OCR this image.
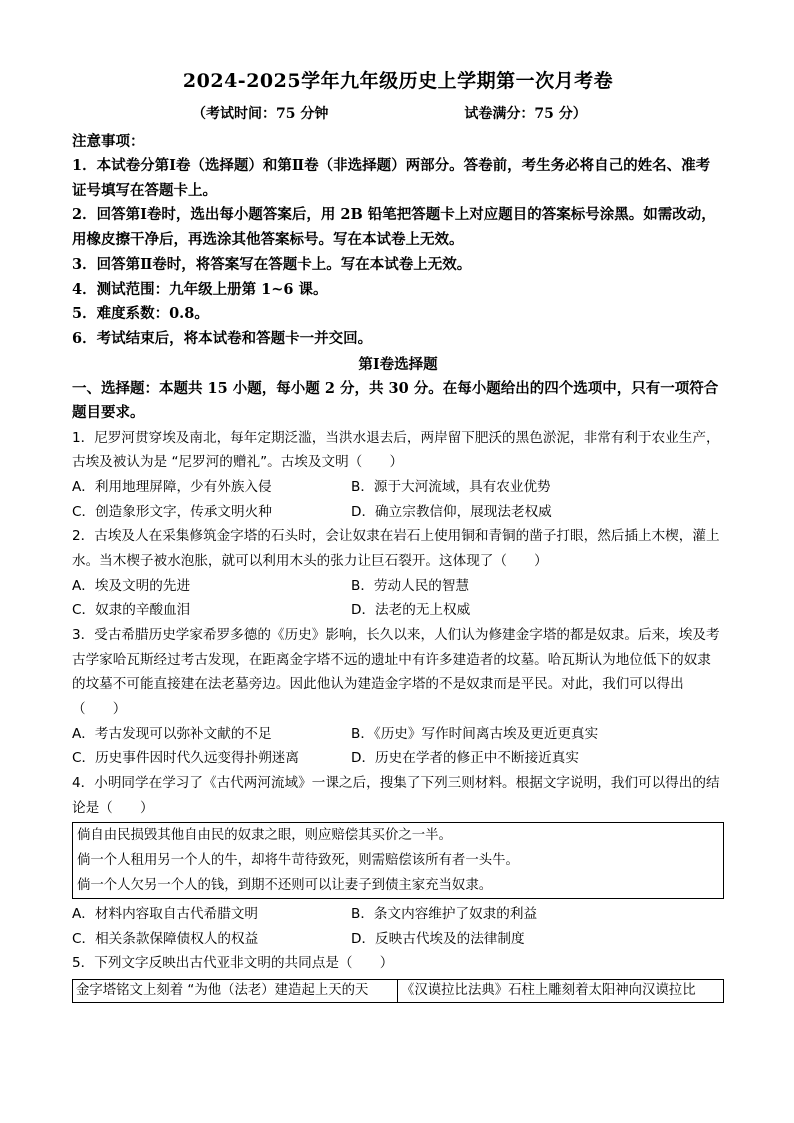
2024-2025学年九年级历史上学期第一次月考卷
（考试时间：75 分钟	试卷满分：75 分）
注意事项：
1．本试卷分第Ⅰ卷（选择题）和第Ⅱ卷（非选择题）两部分。答卷前，考生务必将自己的姓名、准考证号填写在答题卡上。
2．回答第Ⅰ卷时，选出每小题答案后，用 2B 铅笔把答题卡上对应题目的答案标号涂黑。如需改动，用橡皮擦干净后，再选涂其他答案标号。写在本试卷上无效。
3．回答第Ⅱ卷时，将答案写在答题卡上。写在本试卷上无效。
4．测试范围：九年级上册第 1~6 课。
5．难度系数：0.8。
6．考试结束后，将本试卷和答题卡一并交回。
第Ⅰ卷选择题
一、选择题：本题共 15 小题，每小题 2 分，共 30 分。在每小题给出的四个选项中，只有一项符合题目要求。
1．尼罗河贯穿埃及南北，每年定期泛滥，当洪水退去后，两岸留下肥沃的黑色淤泥，非常有利于农业生产，古埃及被认为是 “尼罗河的赠礼”。古埃及文明（　　）
A．利用地理屏障，少有外族入侵	B．源于大河流域，具有农业优势
C．创造象形文字，传承文明火种	D．确立宗教信仰，展现法老权威
2．古埃及人在采集修筑金字塔的石头时，会让奴隶在岩石上使用铜和青铜的凿子打眼，然后插上木楔，灌上水。当木楔子被水泡胀，就可以利用木头的张力让巨石裂开。这体现了（　　）
A．埃及文明的先进	B．劳动人民的智慧
C．奴隶的辛酸血泪	D．法老的无上权威
3．受古希腊历史学家希罗多德的《历史》影响，长久以来，人们认为修建金字塔的都是奴隶。后来，埃及考古学家哈瓦斯经过考古发现，在距离金字塔不远的遗址中有许多建造者的坟墓。哈瓦斯认为地位低下的奴隶的坟墓不可能直接建在法老墓旁边。因此他认为建造金字塔的不是奴隶而是平民。对此，我们可以得出（　　）
A．考古发现可以弥补文献的不足	B．《历史》写作时间离古埃及更近更真实
C．历史事件因时代久远变得扑朔迷离	D．历史在学者的修正中不断接近真实
4．小明同学在学习了《古代两河流域》一课之后，搜集了下列三则材料。根据文字说明，我们可以得出的结论是（　　）
倘自由民损毁其他自由民的奴隶之眼，则应赔偿其买价之一半。
倘一个人租用另一个人的牛，却将牛苛待致死，则需赔偿该所有者一头牛。
倘一个人欠另一个人的钱，到期不还则可以让妻子到债主家充当奴隶。
A．材料内容取自古代希腊文明	B．条文内容维护了奴隶的利益
C．相关条款保障债权人的权益	D．反映古代埃及的法律制度
5．下列文字反映出古代亚非文明的共同点是（　　）
金字塔铭文上刻着 “为他（法老）建造起上天的天	《汉谟拉比法典》石柱上雕刻着太阳神向汉谟拉比
